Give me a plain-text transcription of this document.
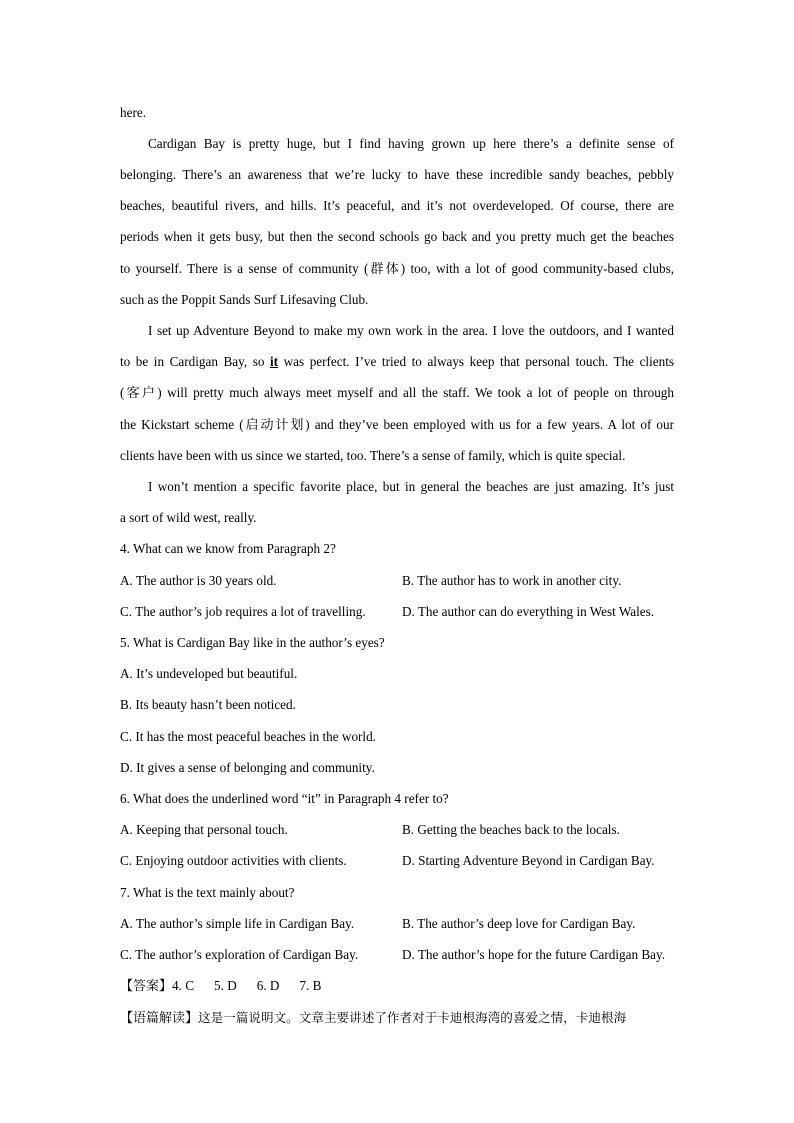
here.
Cardigan Bay is pretty huge, but I find having grown up here there’s a definite sense of
belonging. There’s an awareness that we’re lucky to have these incredible sandy beaches, pebbly
beaches, beautiful rivers, and hills. It’s peaceful, and it’s not overdeveloped. Of course, there are
periods when it gets busy, but then the second schools go back and you pretty much get the beaches
to yourself. There is a sense of community (群体) too, with a lot of good community-based clubs,
such as the Poppit Sands Surf Lifesaving Club.
I set up Adventure Beyond to make my own work in the area. I love the outdoors, and I wanted
to be in Cardigan Bay, so it was perfect. I’ve tried to always keep that personal touch. The clients
(客户) will pretty much always meet myself and all the staff. We took a lot of people on through
the Kickstart scheme (启动计划) and they’ve been employed with us for a few years. A lot of our
clients have been with us since we started, too. There’s a sense of family, which is quite special.
I won’t mention a specific favorite place, but in general the beaches are just amazing. It’s just
a sort of wild west, really.
4. What can we know from Paragraph 2?
A. The author is 30 years old.	B. The author has to work in another city.
C. The author’s job requires a lot of travelling.	D. The author can do everything in West Wales.
5. What is Cardigan Bay like in the author’s eyes?
A. It’s undeveloped but beautiful.
B. Its beauty hasn’t been noticed.
C. It has the most peaceful beaches in the world.
D. It gives a sense of belonging and community.
6. What does the underlined word “it” in Paragraph 4 refer to?
A. Keeping that personal touch.	B. Getting the beaches back to the locals.
C. Enjoying outdoor activities with clients.	D. Starting Adventure Beyond in Cardigan Bay.
7. What is the text mainly about?
A. The author’s simple life in Cardigan Bay.	B. The author’s deep love for Cardigan Bay.
C. The author’s exploration of Cardigan Bay.	D. The author’s hope for the future Cardigan Bay.
【答案】4. C 5. D 6. D 7. B
【语篇解读】这是一篇说明文。文章主要讲述了作者对于卡迪根海湾的喜爱之情，卡迪根海
